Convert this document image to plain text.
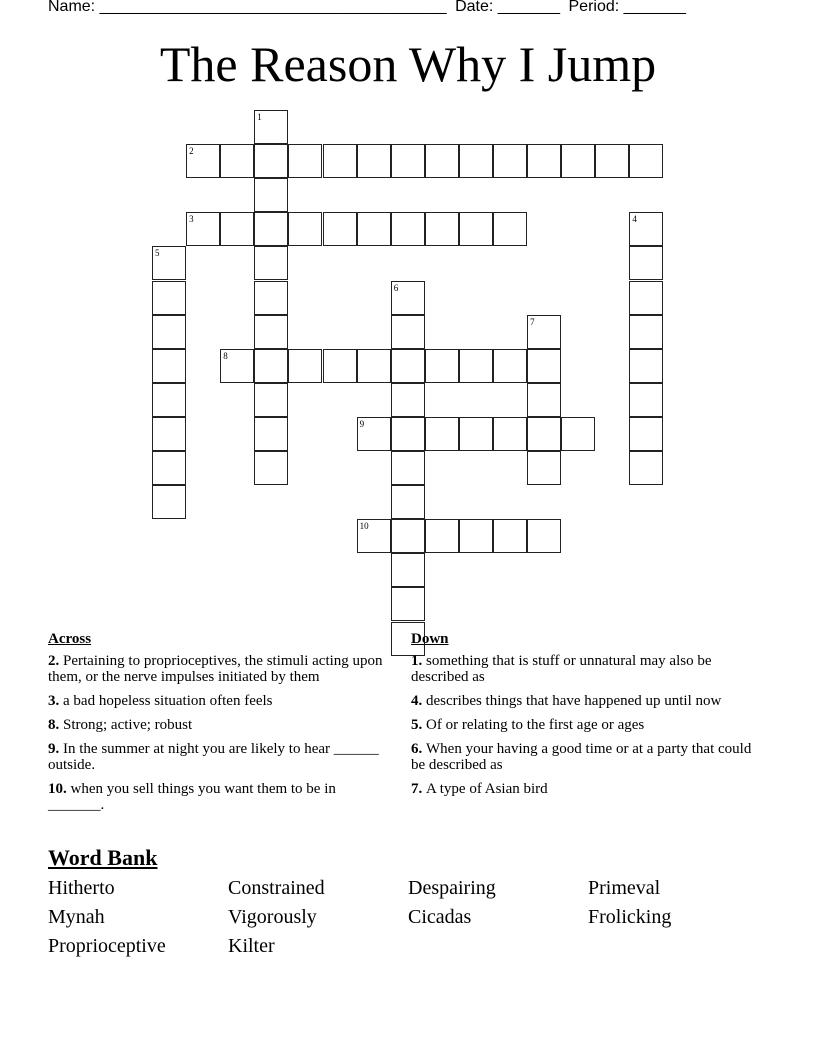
Name: _______________________________________ Date: _______ Period: _______
The Reason Why I Jump
2
3
8
9
10
1
4
5
6
7
Across
2. Pertaining to proprioceptives, the stimuli acting upon them, or the nerve impulses initiated by them
3. a bad hopeless situation often feels
8. Strong; active; robust
9. In the summer at night you are likely to hear ______ outside.
10. when you sell things you want them to be in _______.
Down
1. something that is stuff or unnatural may also be described as
4. describes things that have happened up until now
5. Of or relating to the first age or ages
6. When your having a good time or at a party that could be described as
7. A type of Asian bird
Word Bank
Hitherto	Constrained	Despairing	Primeval
Mynah	Vigorously	Cicadas	Frolicking
Proprioceptive	Kilter
